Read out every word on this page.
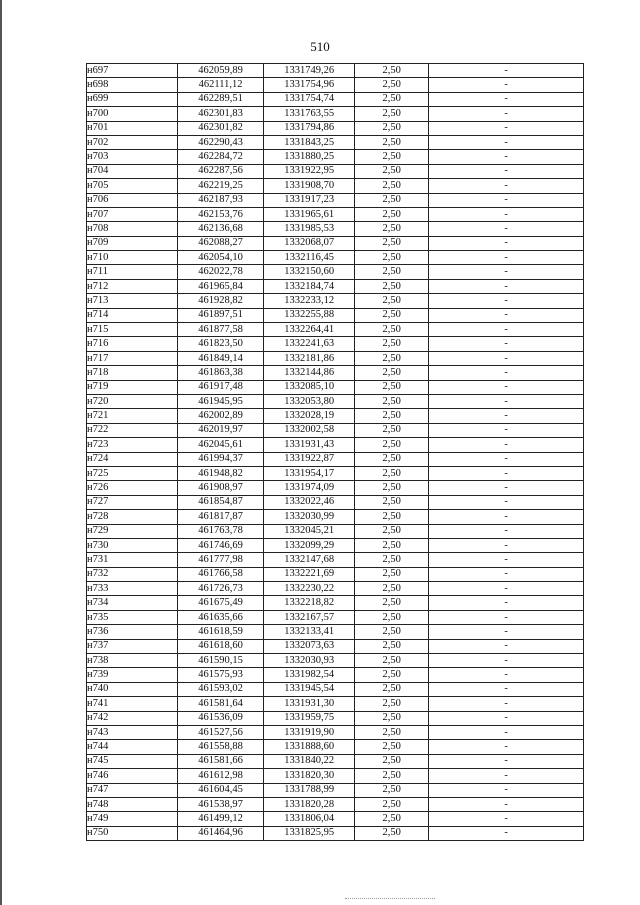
510
н697	462059,89	1331749,26	2,50	-
н698	462111,12	1331754,96	2,50	-
н699	462289,51	1331754,74	2,50	-
н700	462301,83	1331763,55	2,50	-
н701	462301,82	1331794,86	2,50	-
н702	462290,43	1331843,25	2,50	-
н703	462284,72	1331880,25	2,50	-
н704	462287,56	1331922,95	2,50	-
н705	462219,25	1331908,70	2,50	-
н706	462187,93	1331917,23	2,50	-
н707	462153,76	1331965,61	2,50	-
н708	462136,68	1331985,53	2,50	-
н709	462088,27	1332068,07	2,50	-
н710	462054,10	1332116,45	2,50	-
н711	462022,78	1332150,60	2,50	-
н712	461965,84	1332184,74	2,50	-
н713	461928,82	1332233,12	2,50	-
н714	461897,51	1332255,88	2,50	-
н715	461877,58	1332264,41	2,50	-
н716	461823,50	1332241,63	2,50	-
н717	461849,14	1332181,86	2,50	-
н718	461863,38	1332144,86	2,50	-
н719	461917,48	1332085,10	2,50	-
н720	461945,95	1332053,80	2,50	-
н721	462002,89	1332028,19	2,50	-
н722	462019,97	1332002,58	2,50	-
н723	462045,61	1331931,43	2,50	-
н724	461994,37	1331922,87	2,50	-
н725	461948,82	1331954,17	2,50	-
н726	461908,97	1331974,09	2,50	-
н727	461854,87	1332022,46	2,50	-
н728	461817,87	1332030,99	2,50	-
н729	461763,78	1332045,21	2,50	-
н730	461746,69	1332099,29	2,50	-
н731	461777,98	1332147,68	2,50	-
н732	461766,58	1332221,69	2,50	-
н733	461726,73	1332230,22	2,50	-
н734	461675,49	1332218,82	2,50	-
н735	461635,66	1332167,57	2,50	-
н736	461618,59	1332133,41	2,50	-
н737	461618,60	1332073,63	2,50	-
н738	461590,15	1332030,93	2,50	-
н739	461575,93	1331982,54	2,50	-
н740	461593,02	1331945,54	2,50	-
н741	461581,64	1331931,30	2,50	-
н742	461536,09	1331959,75	2,50	-
н743	461527,56	1331919,90	2,50	-
н744	461558,88	1331888,60	2,50	-
н745	461581,66	1331840,22	2,50	-
н746	461612,98	1331820,30	2,50	-
н747	461604,45	1331788,99	2,50	-
н748	461538,97	1331820,28	2,50	-
н749	461499,12	1331806,04	2,50	-
н750	461464,96	1331825,95	2,50	-
